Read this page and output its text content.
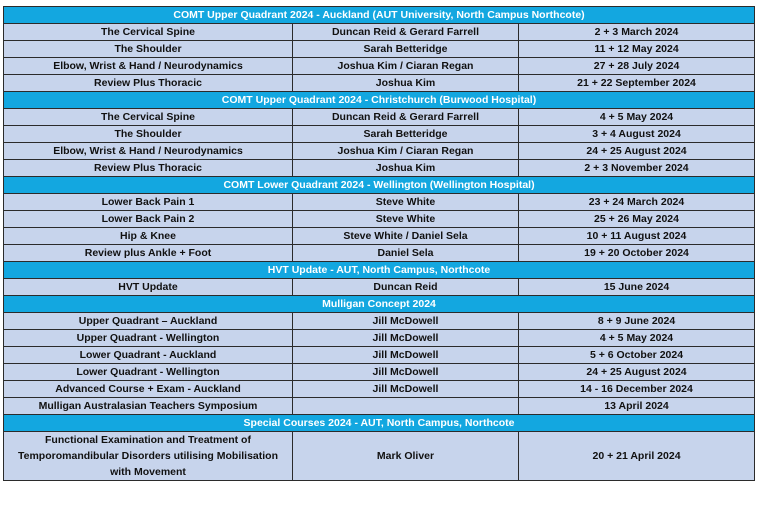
COMT Upper Quadrant 2024 - Auckland (AUT University, North Campus Northcote)		
The Cervical Spine	Duncan Reid & Gerard Farrell	2 + 3 March 2024
The Shoulder	Sarah Betteridge	11 + 12 May 2024
Elbow, Wrist & Hand / Neurodynamics	Joshua Kim / Ciaran Regan	27 + 28 July 2024
Review Plus Thoracic	Joshua Kim	21 + 22 September 2024
COMT Upper Quadrant 2024 - Christchurch (Burwood Hospital)		
The Cervical Spine	Duncan Reid & Gerard Farrell	4 + 5 May 2024
The Shoulder	Sarah Betteridge	3 + 4 August 2024
Elbow, Wrist & Hand / Neurodynamics	Joshua Kim / Ciaran Regan	24 + 25 August 2024
Review Plus Thoracic	Joshua Kim	2 + 3 November 2024
COMT Lower Quadrant 2024 - Wellington (Wellington Hospital)		
Lower Back Pain 1	Steve White	23 + 24 March 2024
Lower Back Pain 2	Steve White	25 + 26 May 2024
Hip & Knee	Steve White / Daniel Sela	10 + 11 August 2024
Review plus Ankle + Foot	Daniel Sela	19 + 20 October 2024
HVT Update - AUT, North Campus, Northcote		
HVT Update	Duncan Reid	15 June 2024
Mulligan Concept 2024		
Upper Quadrant – Auckland	Jill McDowell	8 + 9 June 2024
Upper Quadrant - Wellington	Jill McDowell	4 + 5 May 2024
Lower Quadrant - Auckland	Jill McDowell	5 + 6 October 2024
Lower Quadrant - Wellington	Jill McDowell	24 + 25 August 2024
Advanced Course + Exam - Auckland	Jill McDowell	14 - 16 December 2024
Mulligan Australasian Teachers Symposium		13 April 2024
Special Courses 2024 - AUT, North Campus, Northcote		
Functional Examination and Treatment of Temporomandibular Disorders utilising Mobilisation with Movement	Mark Oliver	20 + 21 April 2024
